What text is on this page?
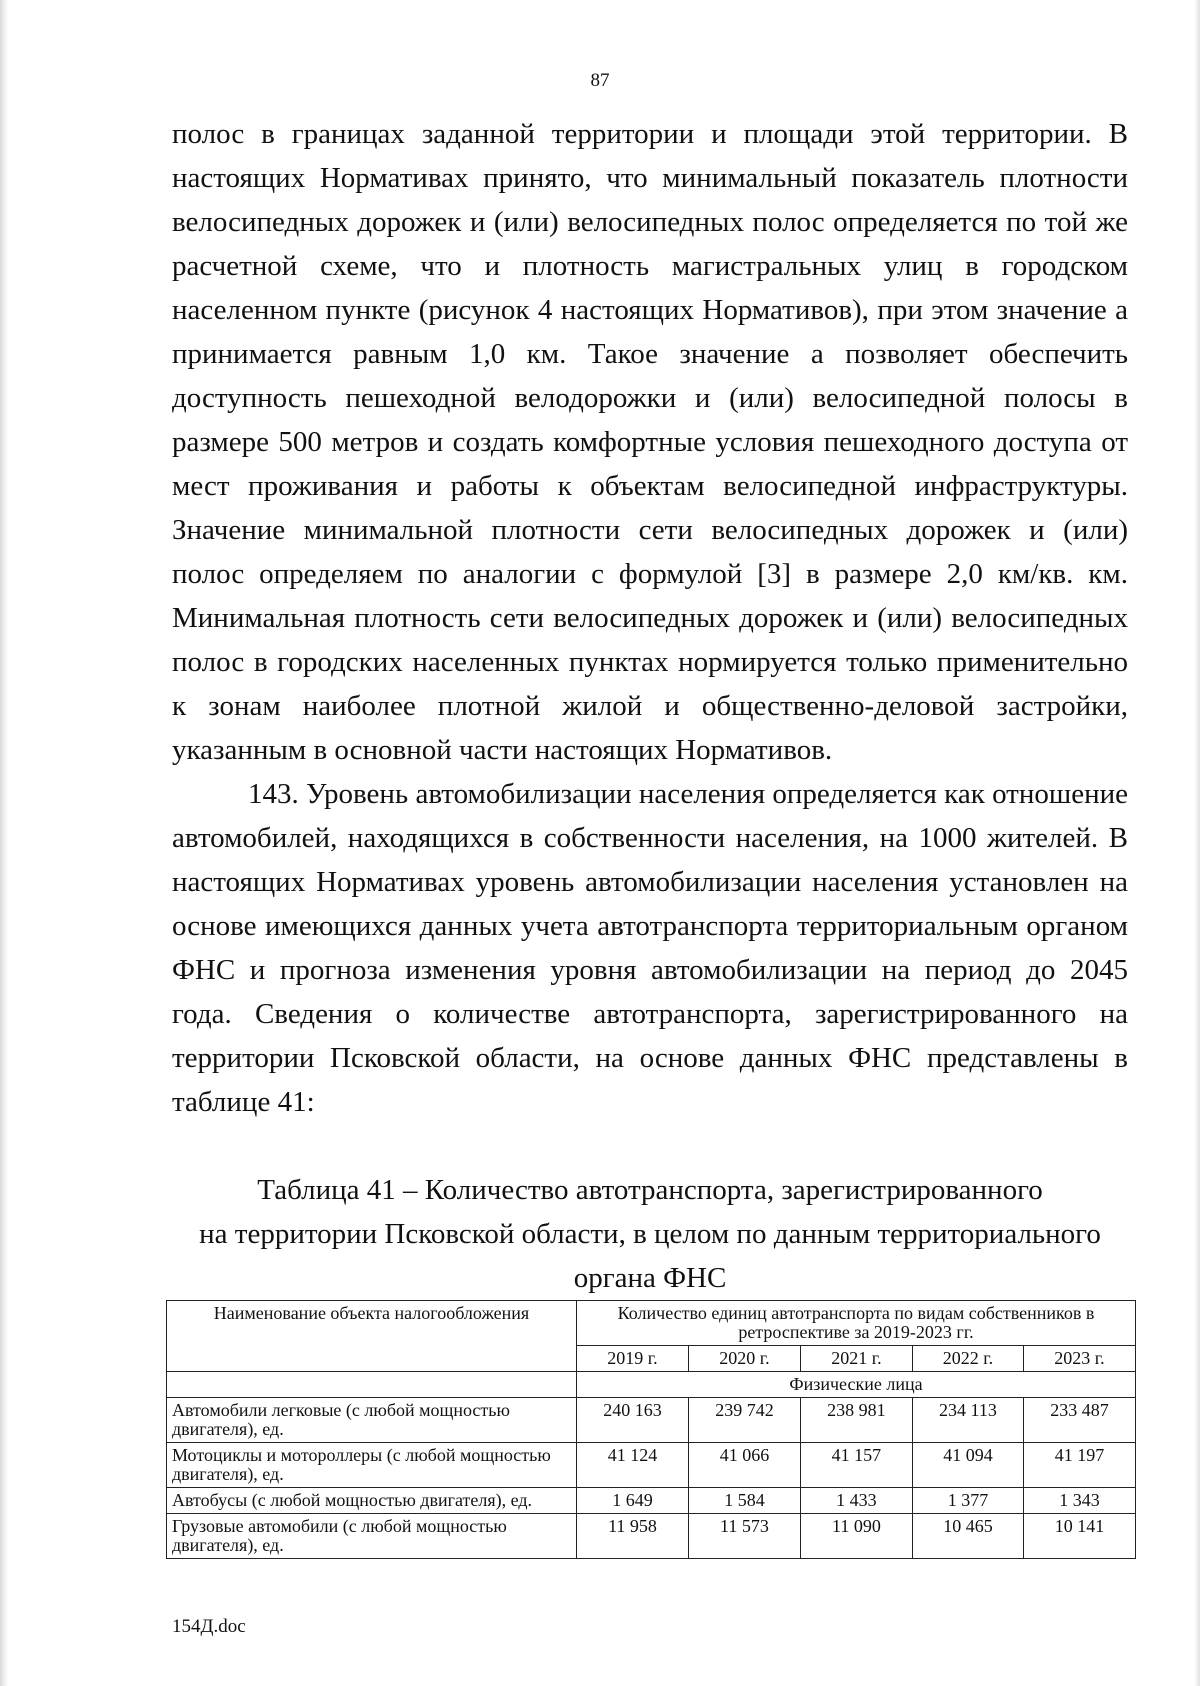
87

полос в границах заданной территории и площади этой территории. В настоящих Нормативах принято, что минимальный показатель плотности велосипедных дорожек и (или) велосипедных полос определяется по той же расчетной схеме, что и плотность магистральных улиц в городском населенном пункте (рисунок 4 настоящих Нормативов), при этом значение a принимается равным 1,0 км. Такое значение a позволяет обеспечить доступность пешеходной велодорожки и (или) велосипедной полосы в размере 500 метров и создать комфортные условия пешеходного доступа от мест проживания и работы к объектам велосипедной инфраструктуры. Значение минимальной плотности сети велосипедных дорожек и (или) полос определяем по аналогии с формулой [3] в размере 2,0 км/кв. км. Минимальная плотность сети велосипедных дорожек и (или) велосипедных полос в городских населенных пунктах нормируется только применительно к зонам наиболее плотной жилой и общественно-деловой застройки, указанным в основной части настоящих Нормативов.

143. Уровень автомобилизации населения определяется как отношение автомобилей, находящихся в собственности населения, на 1000 жителей. В настоящих Нормативах уровень автомобилизации населения установлен на основе имеющихся данных учета автотранспорта территориальным органом ФНС и прогноза изменения уровня автомобилизации на период до 2045 года. Сведения о количестве автотранспорта, зарегистрированного на территории Псковской области, на основе данных ФНС представлены в таблице 41:

Таблица 41 – Количество автотранспорта, зарегистрированного
на территории Псковской области, в целом по данным территориального
органа ФНС
Наименование объекта налогообложения	Количество единиц автотранспорта по видам собственников в ретроспективе за 2019-2023 гг.				
	2019 г.	2020 г.	2021 г.	2022 г.	2023 г.
	Физические лица				
Автомобили легковые (с любой мощностью двигателя), ед.	240 163	239 742	238 981	234 113	233 487
Мотоциклы и мотороллеры (с любой мощностью двигателя), ед.	41 124	41 066	41 157	41 094	41 197
Автобусы (с любой мощностью двигателя), ед.	1 649	1 584	1 433	1 377	1 343
Грузовые автомобили (с любой мощностью двигателя), ед.	11 958	11 573	11 090	10 465	10 141
154Д.doc
